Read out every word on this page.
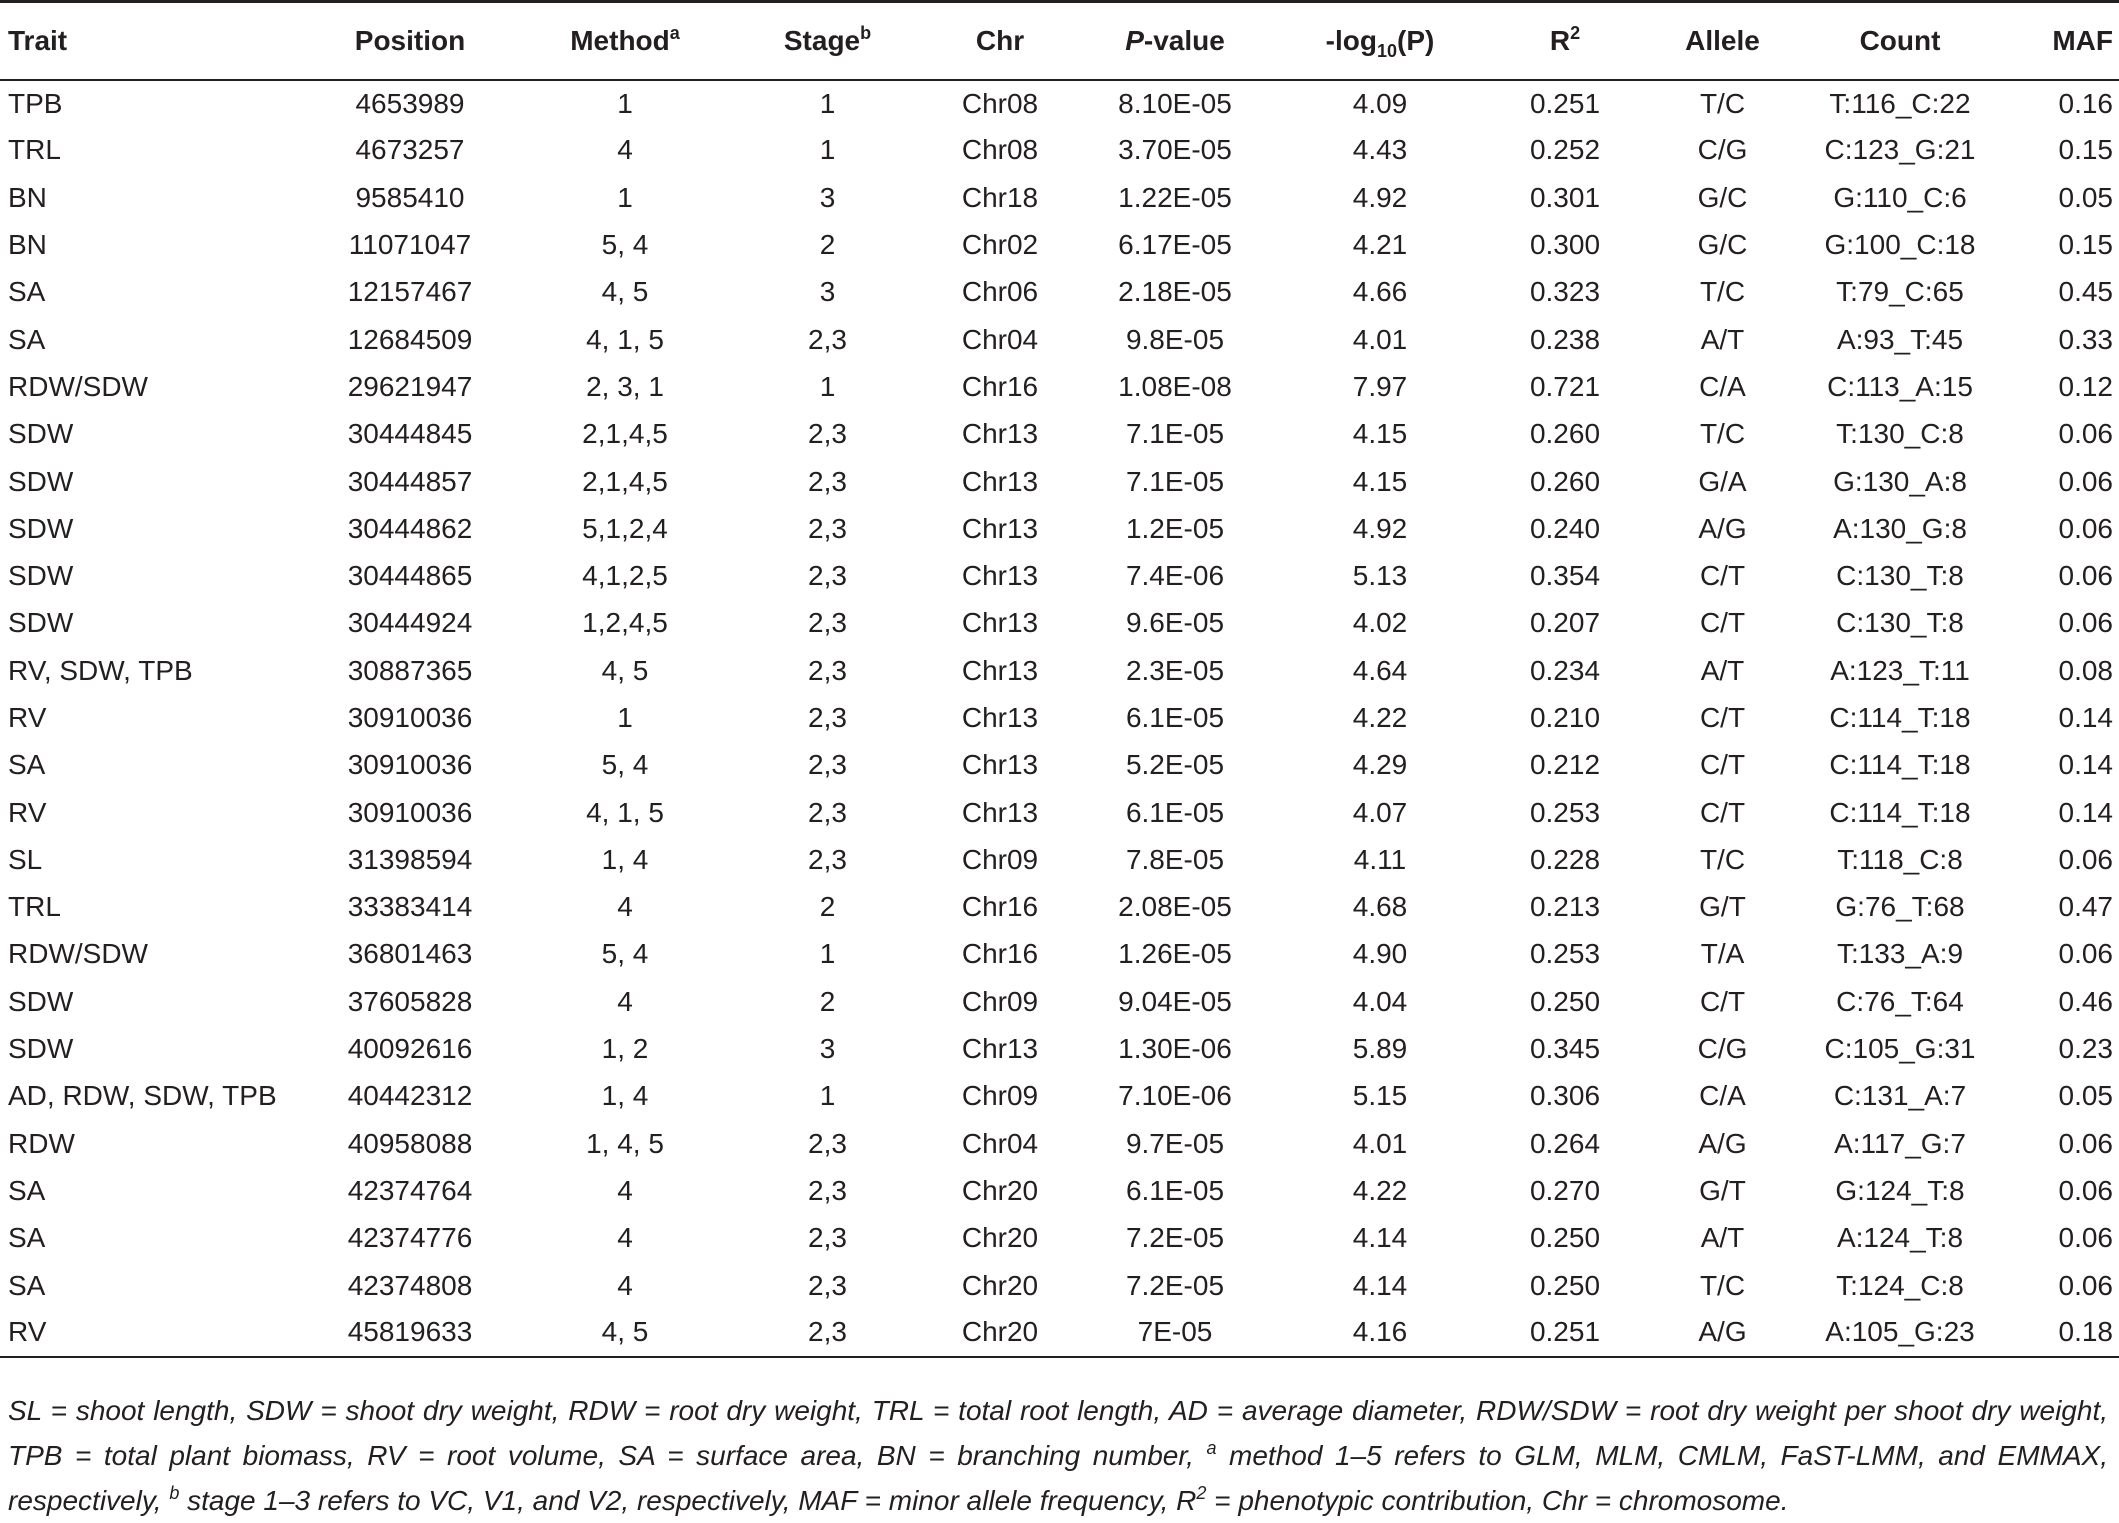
Trait	Position	Method$^a$	Stage$^b$	Chr	P-value	$-\log_{10}(P)$	$R^2$	Allele	Count	MAF
TPB	4653989	1	1	Chr08	8.10E-05	4.09	0.251	T/C	T:116_C:22	0.16
TRL	4673257	4	1	Chr08	3.70E-05	4.43	0.252	C/G	C:123_G:21	0.15
BN	9585410	1	3	Chr18	1.22E-05	4.92	0.301	G/C	G:110_C:6	0.05
BN	11071047	5, 4	2	Chr02	6.17E-05	4.21	0.300	G/C	G:100_C:18	0.15
SA	12157467	4, 5	3	Chr06	2.18E-05	4.66	0.323	T/C	T:79_C:65	0.45
SA	12684509	4, 1, 5	2,3	Chr04	9.8E-05	4.01	0.238	A/T	A:93_T:45	0.33
RDW/SDW	29621947	2, 3, 1	1	Chr16	1.08E-08	7.97	0.721	C/A	C:113_A:15	0.12
SDW	30444845	2,1,4,5	2,3	Chr13	7.1E-05	4.15	0.260	T/C	T:130_C:8	0.06
SDW	30444857	2,1,4,5	2,3	Chr13	7.1E-05	4.15	0.260	G/A	G:130_A:8	0.06
SDW	30444862	5,1,2,4	2,3	Chr13	1.2E-05	4.92	0.240	A/G	A:130_G:8	0.06
SDW	30444865	4,1,2,5	2,3	Chr13	7.4E-06	5.13	0.354	C/T	C:130_T:8	0.06
SDW	30444924	1,2,4,5	2,3	Chr13	9.6E-05	4.02	0.207	C/T	C:130_T:8	0.06
RV, SDW, TPB	30887365	4, 5	2,3	Chr13	2.3E-05	4.64	0.234	A/T	A:123_T:11	0.08
RV	30910036	1	2,3	Chr13	6.1E-05	4.22	0.210	C/T	C:114_T:18	0.14
SA	30910036	5, 4	2,3	Chr13	5.2E-05	4.29	0.212	C/T	C:114_T:18	0.14
RV	30910036	4, 1, 5	2,3	Chr13	6.1E-05	4.07	0.253	C/T	C:114_T:18	0.14
SL	31398594	1, 4	2,3	Chr09	7.8E-05	4.11	0.228	T/C	T:118_C:8	0.06
TRL	33383414	4	2	Chr16	2.08E-05	4.68	0.213	G/T	G:76_T:68	0.47
RDW/SDW	36801463	5, 4	1	Chr16	1.26E-05	4.90	0.253	T/A	T:133_A:9	0.06
SDW	37605828	4	2	Chr09	9.04E-05	4.04	0.250	C/T	C:76_T:64	0.46
SDW	40092616	1, 2	3	Chr13	1.30E-06	5.89	0.345	C/G	C:105_G:31	0.23
AD, RDW, SDW, TPB	40442312	1, 4	1	Chr09	7.10E-06	5.15	0.306	C/A	C:131_A:7	0.05
RDW	40958088	1, 4, 5	2,3	Chr04	9.7E-05	4.01	0.264	A/G	A:117_G:7	0.06
SA	42374764	4	2,3	Chr20	6.1E-05	4.22	0.270	G/T	G:124_T:8	0.06
SA	42374776	4	2,3	Chr20	7.2E-05	4.14	0.250	A/T	A:124_T:8	0.06
SA	42374808	4	2,3	Chr20	7.2E-05	4.14	0.250	T/C	T:124_C:8	0.06
RV	45819633	4, 5	2,3	Chr20	7E-05	4.16	0.251	A/G	A:105_G:23	0.18

SL = shoot length, SDW = shoot dry weight, RDW = root dry weight, TRL = total root length, AD = average diameter, RDW/SDW = root dry weight per shoot dry weight, TPB = total plant biomass, RV = root volume, SA = surface area, BN = branching number, $^a$ method 1–5 refers to GLM, MLM, CMLM, FaST-LMM, and EMMAX, respectively, $^b$ stage 1–3 refers to VC, V1, and V2, respectively, MAF = minor allele frequency, $R^2$ = phenotypic contribution, Chr = chromosome.
